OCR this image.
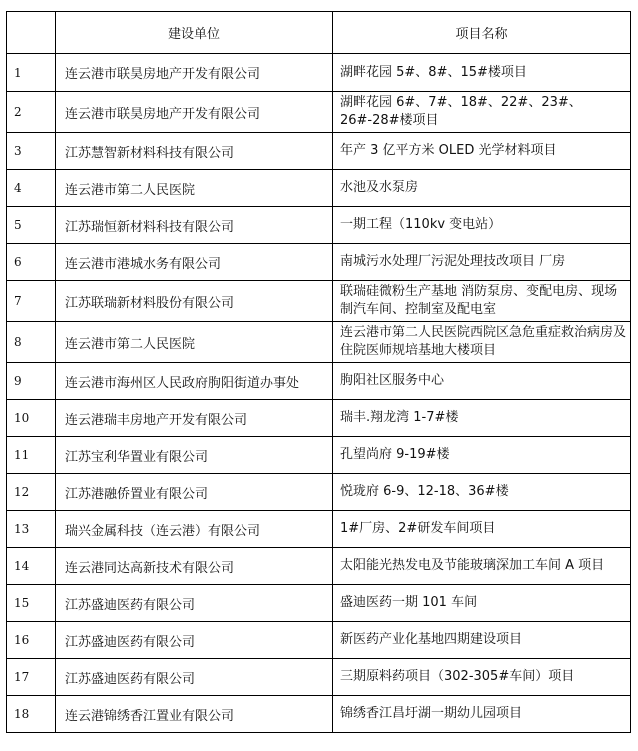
	建设单位	项目名称
1	连云港市联昊房地产开发有限公司	湖畔花园 5#、8#、15#楼项目
2	连云港市联昊房地产开发有限公司	湖畔花园 6#、7#、18#、22#、23#、26#-28#楼项目
3	江苏慧智新材料科技有限公司	年产 3 亿平方米 OLED 光学材料项目
4	连云港市第二人民医院	水池及水泵房
5	江苏瑞恒新材料科技有限公司	一期工程（110kv 变电站）
6	连云港市港城水务有限公司	南城污水处理厂污泥处理技改项目 厂房
7	江苏联瑞新材料股份有限公司	联瑞硅微粉生产基地 消防泵房、变配电房、现场制汽车间、控制室及配电室
8	连云港市第二人民医院	连云港市第二人民医院西院区急危重症救治病房及住院医师规培基地大楼项目
9	连云港市海州区人民政府朐阳街道办事处	朐阳社区服务中心
10	连云港瑞丰房地产开发有限公司	瑞丰.翔龙湾 1-7#楼
11	江苏宝利华置业有限公司	孔望尚府 9-19#楼
12	江苏港融侨置业有限公司	悦珑府 6-9、12-18、36#楼
13	瑞兴金属科技（连云港）有限公司	1#厂房、2#研发车间项目
14	连云港同达高新技术有限公司	太阳能光热发电及节能玻璃深加工车间 A 项目
15	江苏盛迪医药有限公司	盛迪医药一期 101 车间
16	江苏盛迪医药有限公司	新医药产业化基地四期建设项目
17	江苏盛迪医药有限公司	三期原料药项目（302-305#车间）项目
18	连云港锦绣香江置业有限公司	锦绣香江昌圩湖一期幼儿园项目
